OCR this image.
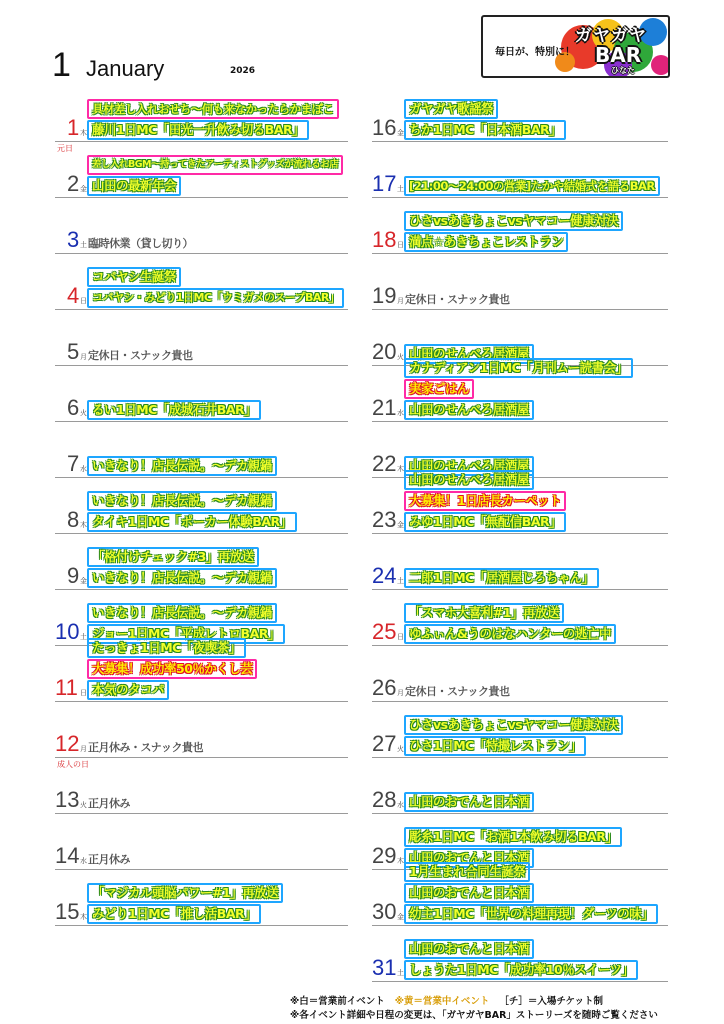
1 January	2026
毎日が、特別に！
ガヤガヤ
BAR
ひなた
1 木
元日
具材差し入れおせち～何も来なかったらかまぼこ
藤川1日MC「田光一升飲み切るBAR」
2 金
差し入れBGM～持ってきたアーティストグッズが流れるお店
山田の最新年会
3 土 臨時休業（貸し切り）
4 日
コバヤシ生誕祭
コバヤシ・みどり1日MC「ウミガメのスープBAR」
5 月 定休日・スナック貴也
6 火 るい1日MC「成城石井BAR」
7 水 いきなり！店長伝説。～デカ親鍋
8 木
いきなり！店長伝説。～デカ親鍋
タイキ1日MC「ポーカー体験BAR」
9 金
「格付けチェック#3」再放送
いきなり！店長伝説。～デカ親鍋
10 土
いきなり！店長伝説。～デカ親鍋
ジョー1日MC「平成レトロBAR」
11 日
たっきょ1日MC「夜喫茶」
大募集！成功率50％かくし芸
本気のタコパ
12 月
成人の日
正月休み・スナック貴也
13 火 正月休み
14 水 正月休み
15 木
「マジカル頭脳パワー#1」再放送
みどり1日MC「推し活BAR」
16 金
ガヤガヤ歌謡祭
ちか1日MC「日本酒BAR」
17 土 [21:00～24:00の営業]たかや結婚式を語るBAR
18 日
ひさvsあきちょこvsヤマコー健康対決
満点☆あきちょこレストラン
19 月 定休日・スナック貴也
20 火 山田のせんべろ居酒屋
21 水
カナディアン1日MC「月刊ムー読書会」
実家ごはん
山田のせんべろ居酒屋
22 木 山田のせんべろ居酒屋
23 金
山田のせんべろ居酒屋
大募集！1日店長カーペット
みゆ1日MC「無配信BAR」
24 土 二郎1日MC「居酒屋じろちゃん」
25 日
「スマホ大喜利#1」再放送
ゆふぃん&うのはなハンターの逃亡中
26 月 定休日・スナック貴也
27 火
ひさvsあきちょこvsヤマコー健康対決
ひさ1日MC「特撮レストラン」
28 水 山田のおでんと日本酒
29 木
彫糸1日MC「お酒1本飲み切るBAR」
山田のおでんと日本酒
30 金
1月生まれ合同生誕祭
山田のおでんと日本酒
幼主1日MC「世界の料理再現！ダーツの味」
31 土
山田のおでんと日本酒
しょうた1日MC「成功率10％スイーツ」
※白＝営業前イベント ※黄＝営業中イベント ［チ］＝入場チケット制
※各イベント詳細や日程の変更は、「ガヤガヤBAR」ストーリーズを随時ご覧ください
